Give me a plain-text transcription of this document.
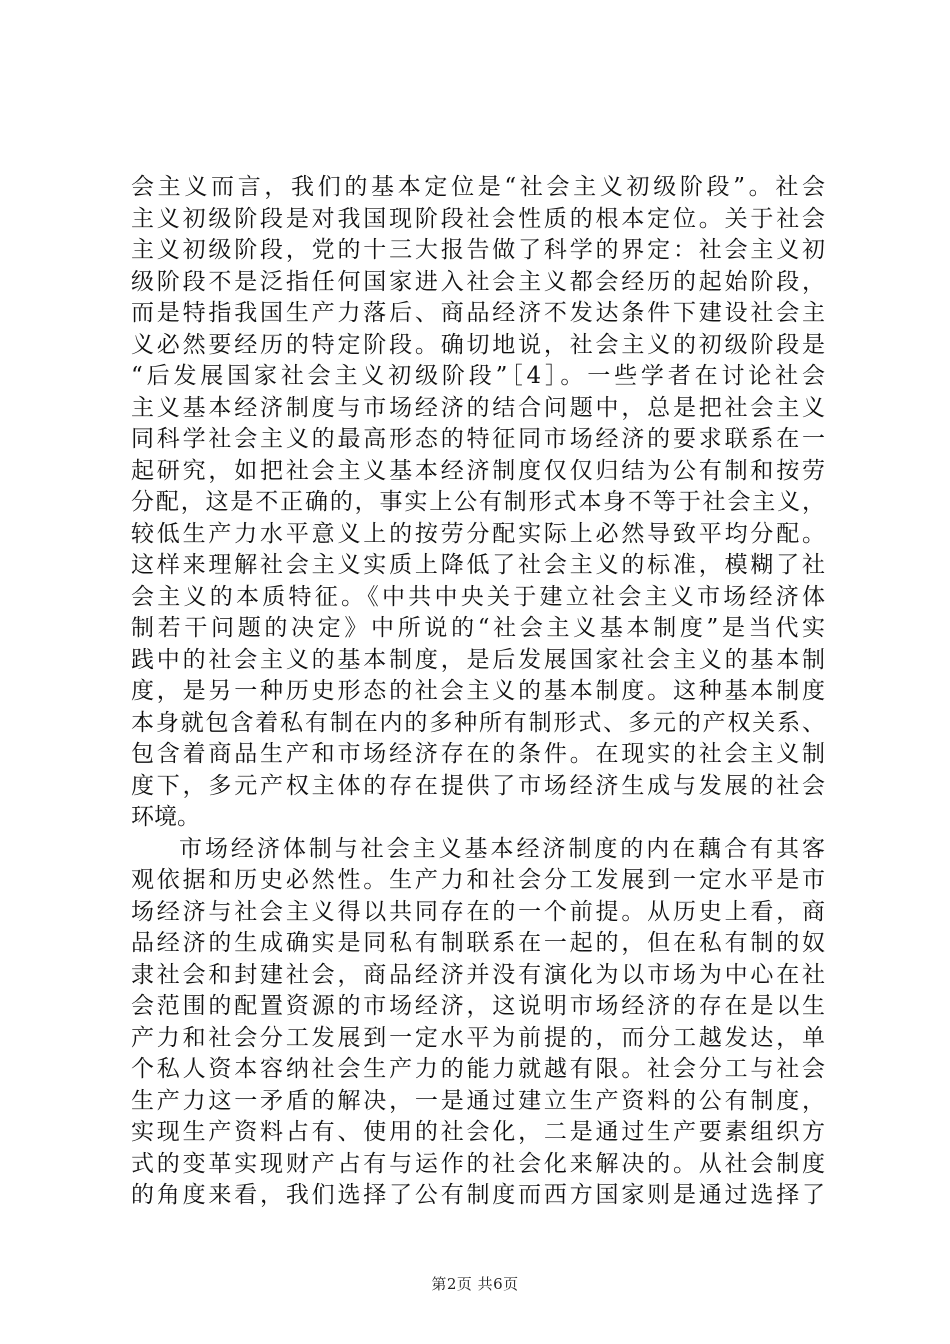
会主义而言，我们的基本定位是“社会主义初级阶段”。社会
主义初级阶段是对我国现阶段社会性质的根本定位。关于社会
主义初级阶段，党的十三大报告做了科学的界定：社会主义初
级阶段不是泛指任何国家进入社会主义都会经历的起始阶段，
而是特指我国生产力落后、商品经济不发达条件下建设社会主
义必然要经历的特定阶段。确切地说，社会主义的初级阶段是
“后发展国家社会主义初级阶段”［4］。一些学者在讨论社会
主义基本经济制度与市场经济的结合问题中，总是把社会主义
同科学社会主义的最高形态的特征同市场经济的要求联系在一
起研究，如把社会主义基本经济制度仅仅归结为公有制和按劳
分配，这是不正确的，事实上公有制形式本身不等于社会主义，
较低生产力水平意义上的按劳分配实际上必然导致平均分配。
这样来理解社会主义实质上降低了社会主义的标准，模糊了社
会主义的本质特征。《中共中央关于建立社会主义市场经济体
制若干问题的决定》中所说的“社会主义基本制度”是当代实
践中的社会主义的基本制度，是后发展国家社会主义的基本制
度，是另一种历史形态的社会主义的基本制度。这种基本制度
本身就包含着私有制在内的多种所有制形式、多元的产权关系、
包含着商品生产和市场经济存在的条件。在现实的社会主义制
度下，多元产权主体的存在提供了市场经济生成与发展的社会
环境。
市场经济体制与社会主义基本经济制度的内在藕合有其客
观依据和历史必然性。生产力和社会分工发展到一定水平是市
场经济与社会主义得以共同存在的一个前提。从历史上看，商
品经济的生成确实是同私有制联系在一起的，但在私有制的奴
隶社会和封建社会，商品经济并没有演化为以市场为中心在社
会范围的配置资源的市场经济，这说明市场经济的存在是以生
产力和社会分工发展到一定水平为前提的，而分工越发达，单
个私人资本容纳社会生产力的能力就越有限。社会分工与社会
生产力这一矛盾的解决，一是通过建立生产资料的公有制度，
实现生产资料占有、使用的社会化，二是通过生产要素组织方
式的变革实现财产占有与运作的社会化来解决的。从社会制度
的角度来看，我们选择了公有制度而西方国家则是通过选择了
第2页 共6页
